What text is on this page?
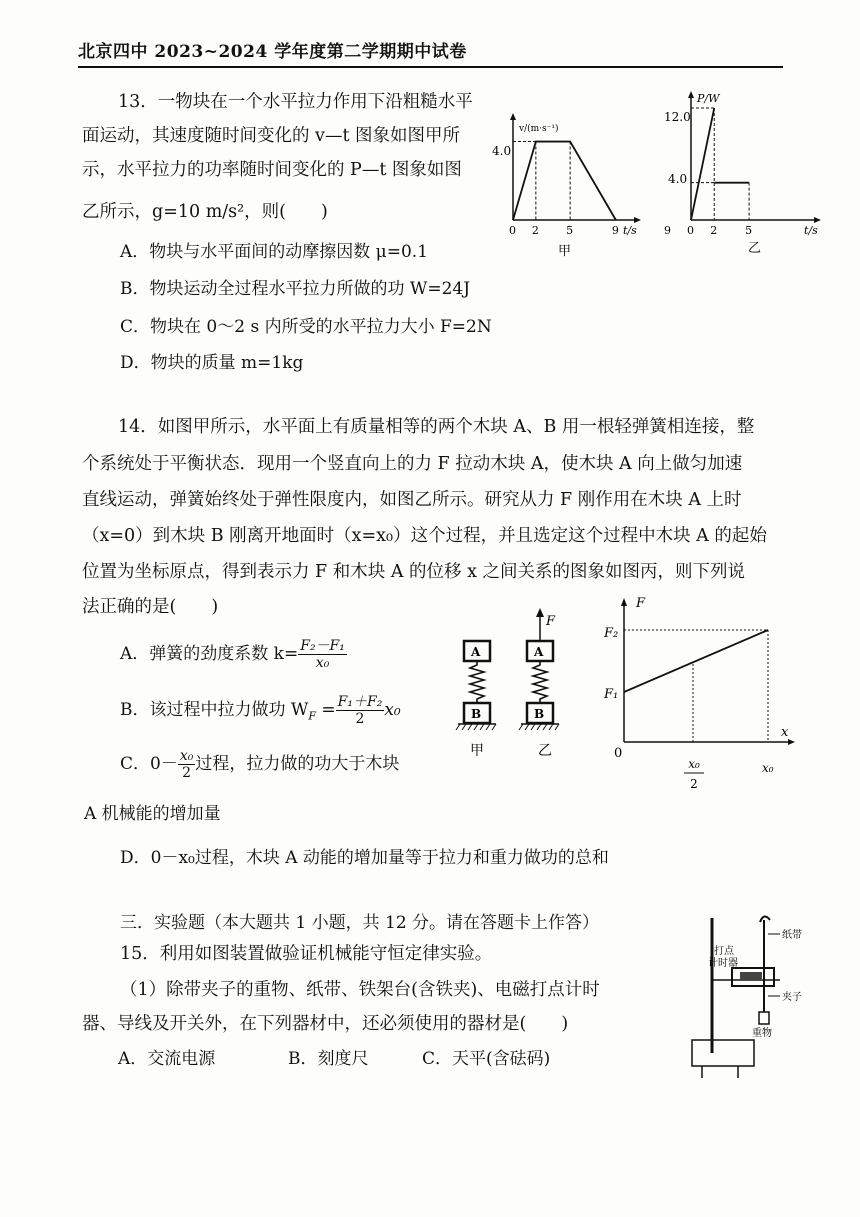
北京四中 2023~2024 学年度第二学期期中试卷
13．一物块在一个水平拉力作用下沿粗糙水平
面运动，其速度随时间变化的 v—t 图象如图甲所
示，水平拉力的功率随时间变化的 P—t 图象如图
乙所示，g=10 m/s²，则(　　)
A．物块与水平面间的动摩擦因数 μ=0.1
B．物块运动全过程水平拉力所做的功 W=24J
C．物块在 0～2 s 内所受的水平拉力大小 F=2N
D．物块的质量 m=1kg
v/(m·s⁻¹)
t/s
4.0
0 2 5	9
甲
P/W
t/s
12.0
4.0
0 2	5
9
乙
14．如图甲所示，水平面上有质量相等的两个木块 A、B 用一根轻弹簧相连接，整
个系统处于平衡状态．现用一个竖直向上的力 F 拉动木块 A，使木块 A 向上做匀加速
直线运动，弹簧始终处于弹性限度内，如图乙所示。研究从力 F 刚作用在木块 A 上时
（x=0）到木块 B 刚离开地面时（x=x₀）这个过程，并且选定这个过程中木块 A 的起始
位置为坐标原点，得到表示力 F 和木块 A 的位移 x 之间关系的图象如图丙，则下列说
法正确的是(　　)
A．弹簧的劲度系数 $k= \frac{\text{F₂－F₁}}{\text{x₀}}$
B．该过程中拉力做功 $W_F = \frac{\text{F₁＋F₂}}{2} x_0$
C．$0- \frac{\text{x₀}}{2}$ 过程，拉力做的功大于木块
A 机械能的增加量
D．0－x₀过程，木块 A 动能的增加量等于拉力和重力做功的总和
A
B
甲
F
A
B
乙
F
x
0
F₂
F₁
x₀
2
x₀
三．实验题（本大题共 1 小题，共 12 分。请在答题卡上作答）
15．利用如图装置做验证机械能守恒定律实验。
（1）除带夹子的重物、纸带、铁架台(含铁夹)、电磁打点计时
器、导线及开关外，在下列器材中，还必须使用的器材是(　　)
A．交流电源	B．刻度尺	C．天平(含砝码)
打点
计时器
纸带
夹子
重物
